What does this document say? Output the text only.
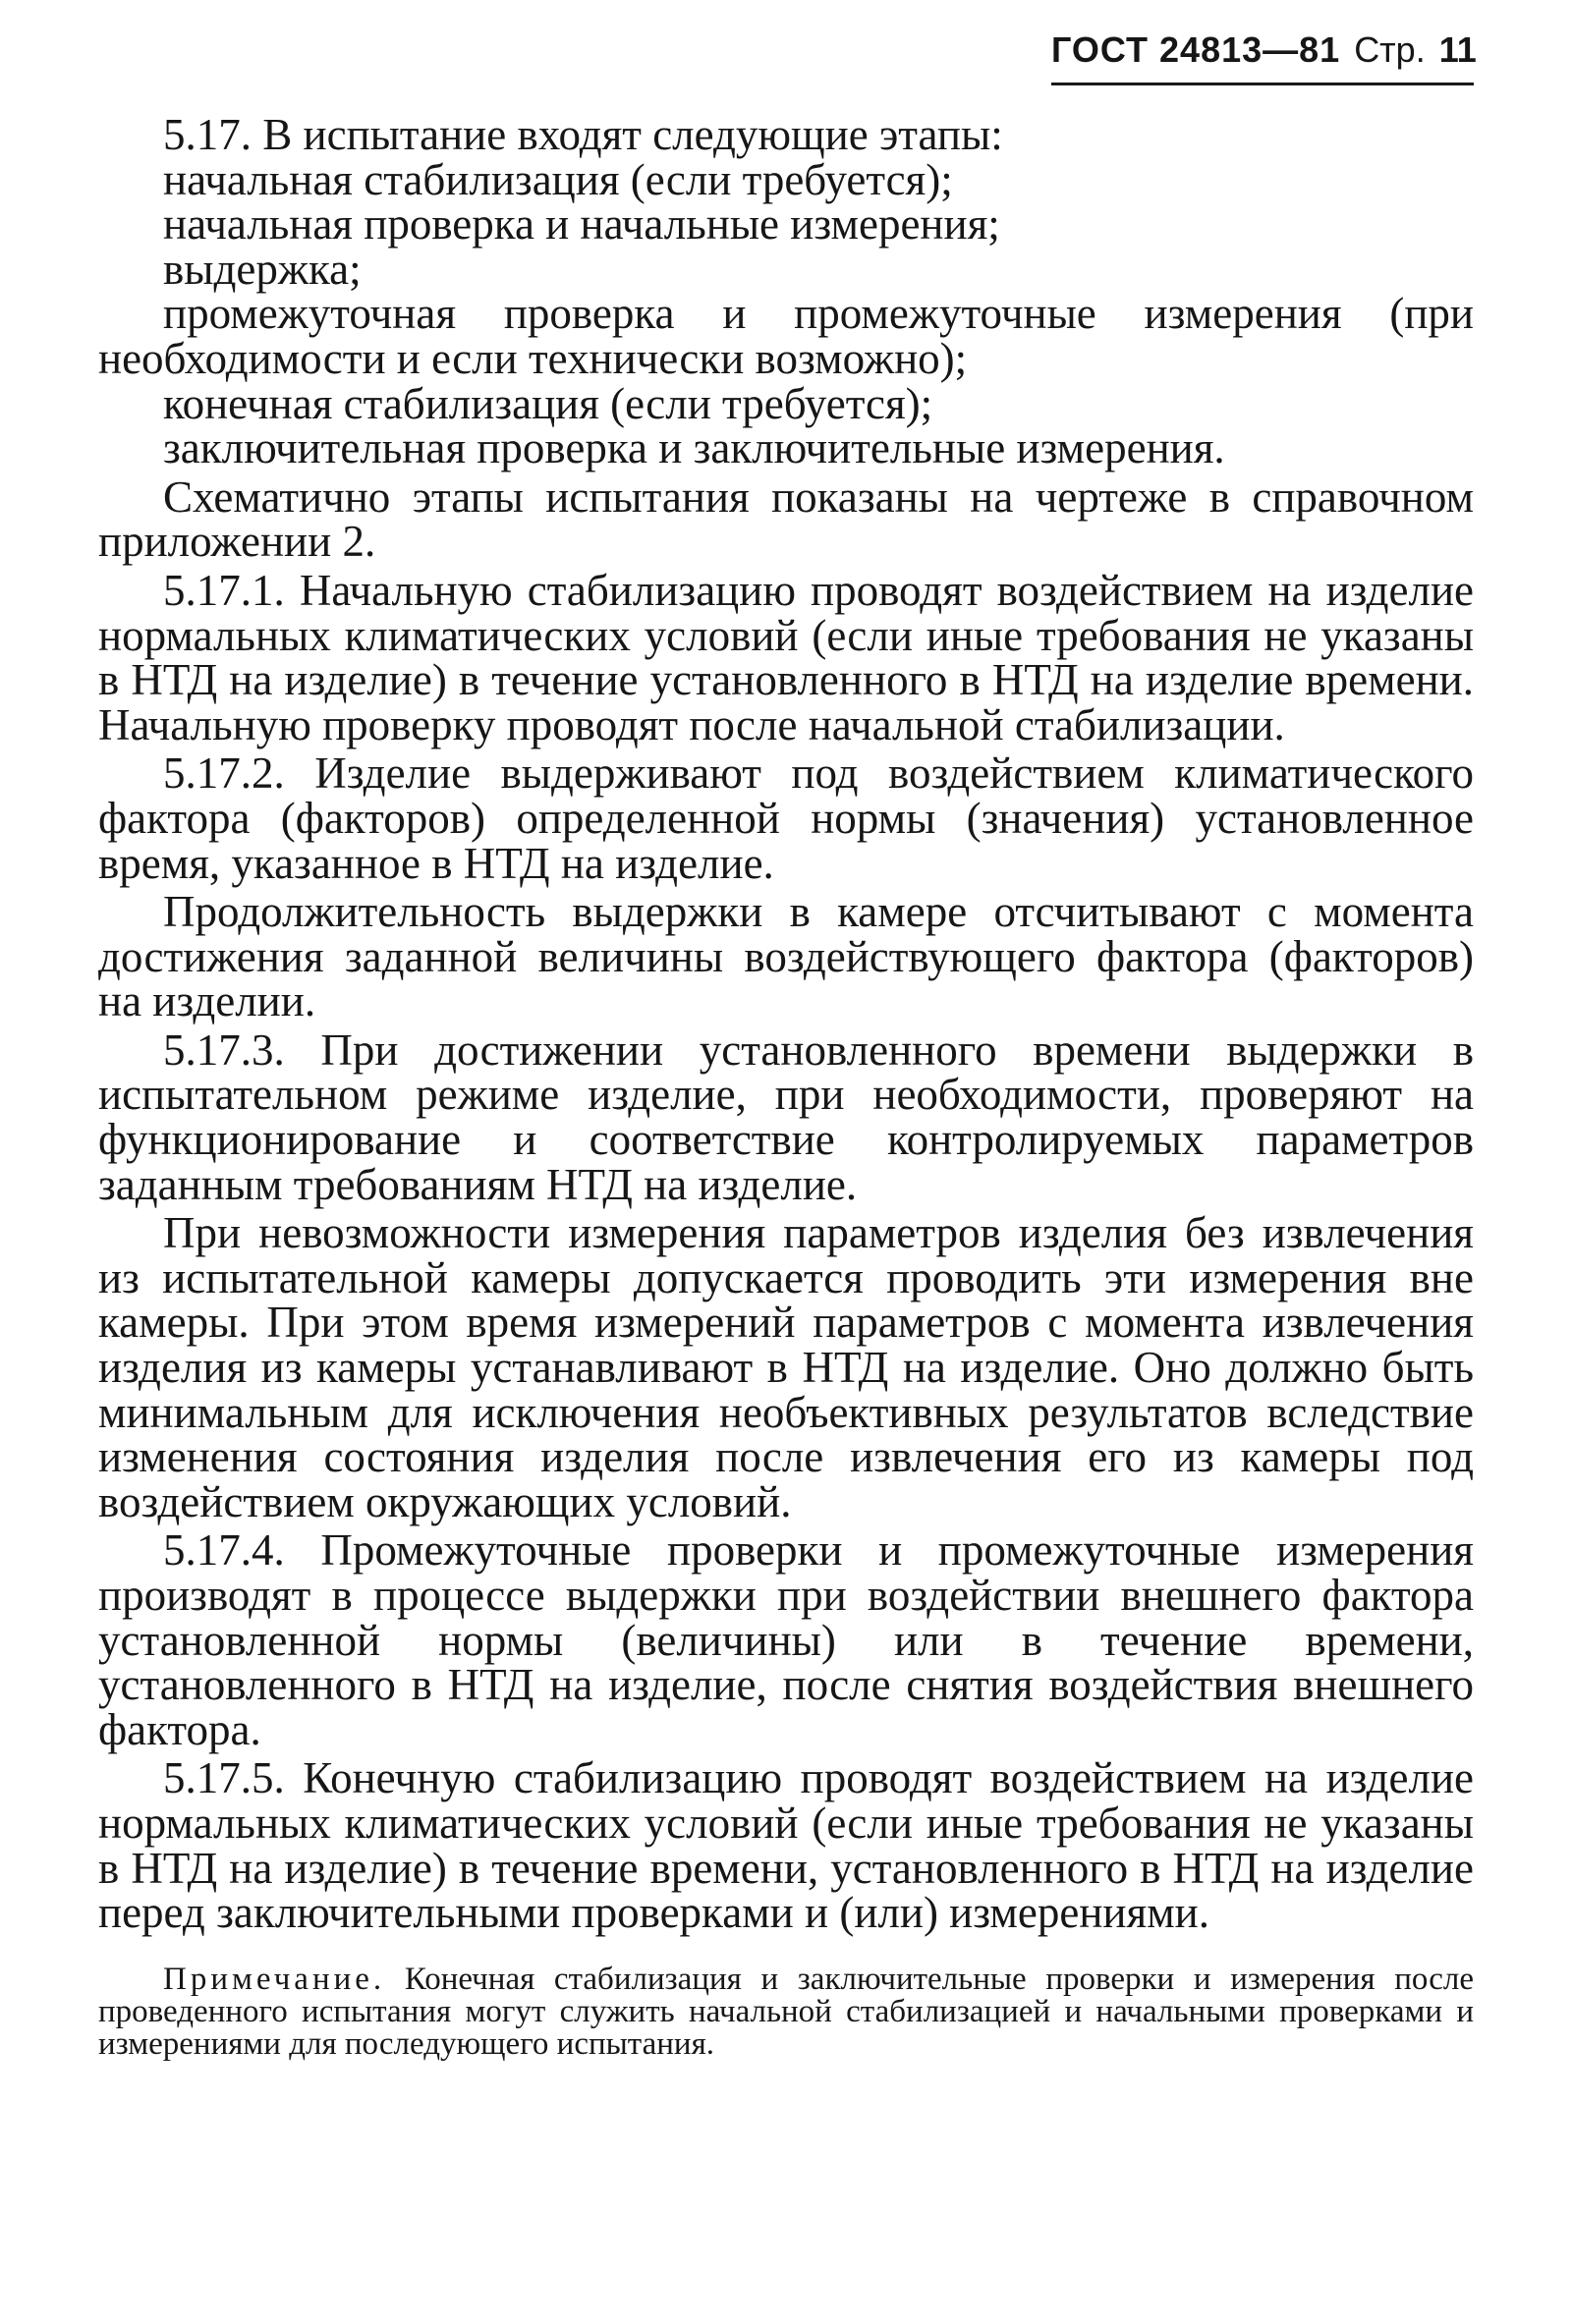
ГОСТ 24813—81 Стр. 11

5.17. В испытание входят следующие этапы:

начальная стабилизация (если требуется);

начальная проверка и начальные измерения;

выдержка;

промежуточная проверка и промежуточные измерения (при необходимости и если технически возможно);

конечная стабилизация (если требуется);

заключительная проверка и заключительные измерения.

Схематично этапы испытания показаны на чертеже в справочном приложении 2.

5.17.1. Начальную стабилизацию проводят воздействием на изделие нормальных климатических условий (если иные требования не указаны в НТД на изделие) в течение установленного в НТД на изделие времени. Начальную проверку проводят после начальной стабилизации.

5.17.2. Изделие выдерживают под воздействием климатического фактора (факторов) определенной нормы (значения) установленное время, указанное в НТД на изделие.

Продолжительность выдержки в камере отсчитывают с момента достижения заданной величины воздействующего фактора (факторов) на изделии.

5.17.3. При достижении установленного времени выдержки в испытательном режиме изделие, при необходимости, проверяют на функционирование и соответствие контролируемых параметров заданным требованиям НТД на изделие.

При невозможности измерения параметров изделия без извлечения из испытательной камеры допускается проводить эти измерения вне камеры. При этом время измерений параметров с момента извлечения изделия из камеры устанавливают в НТД на изделие. Оно должно быть минимальным для исключения необъективных результатов вследствие изменения состояния изделия после извлечения его из камеры под воздействием окружающих условий.

5.17.4. Промежуточные проверки и промежуточные измерения производят в процессе выдержки при воздействии внешнего фактора установленной нормы (величины) или в течение времени, установленного в НТД на изделие, после снятия воздействия внешнего фактора.

5.17.5. Конечную стабилизацию проводят воздействием на изделие нормальных климатических условий (если иные требования не указаны в НТД на изделие) в течение времени, установленного в НТД на изделие перед заключительными проверками и (или) измерениями.

Примечание. Конечная стабилизация и заключительные проверки и измерения после проведенного испытания могут служить начальной стабилизацией и начальными проверками и измерениями для последующего испытания.
